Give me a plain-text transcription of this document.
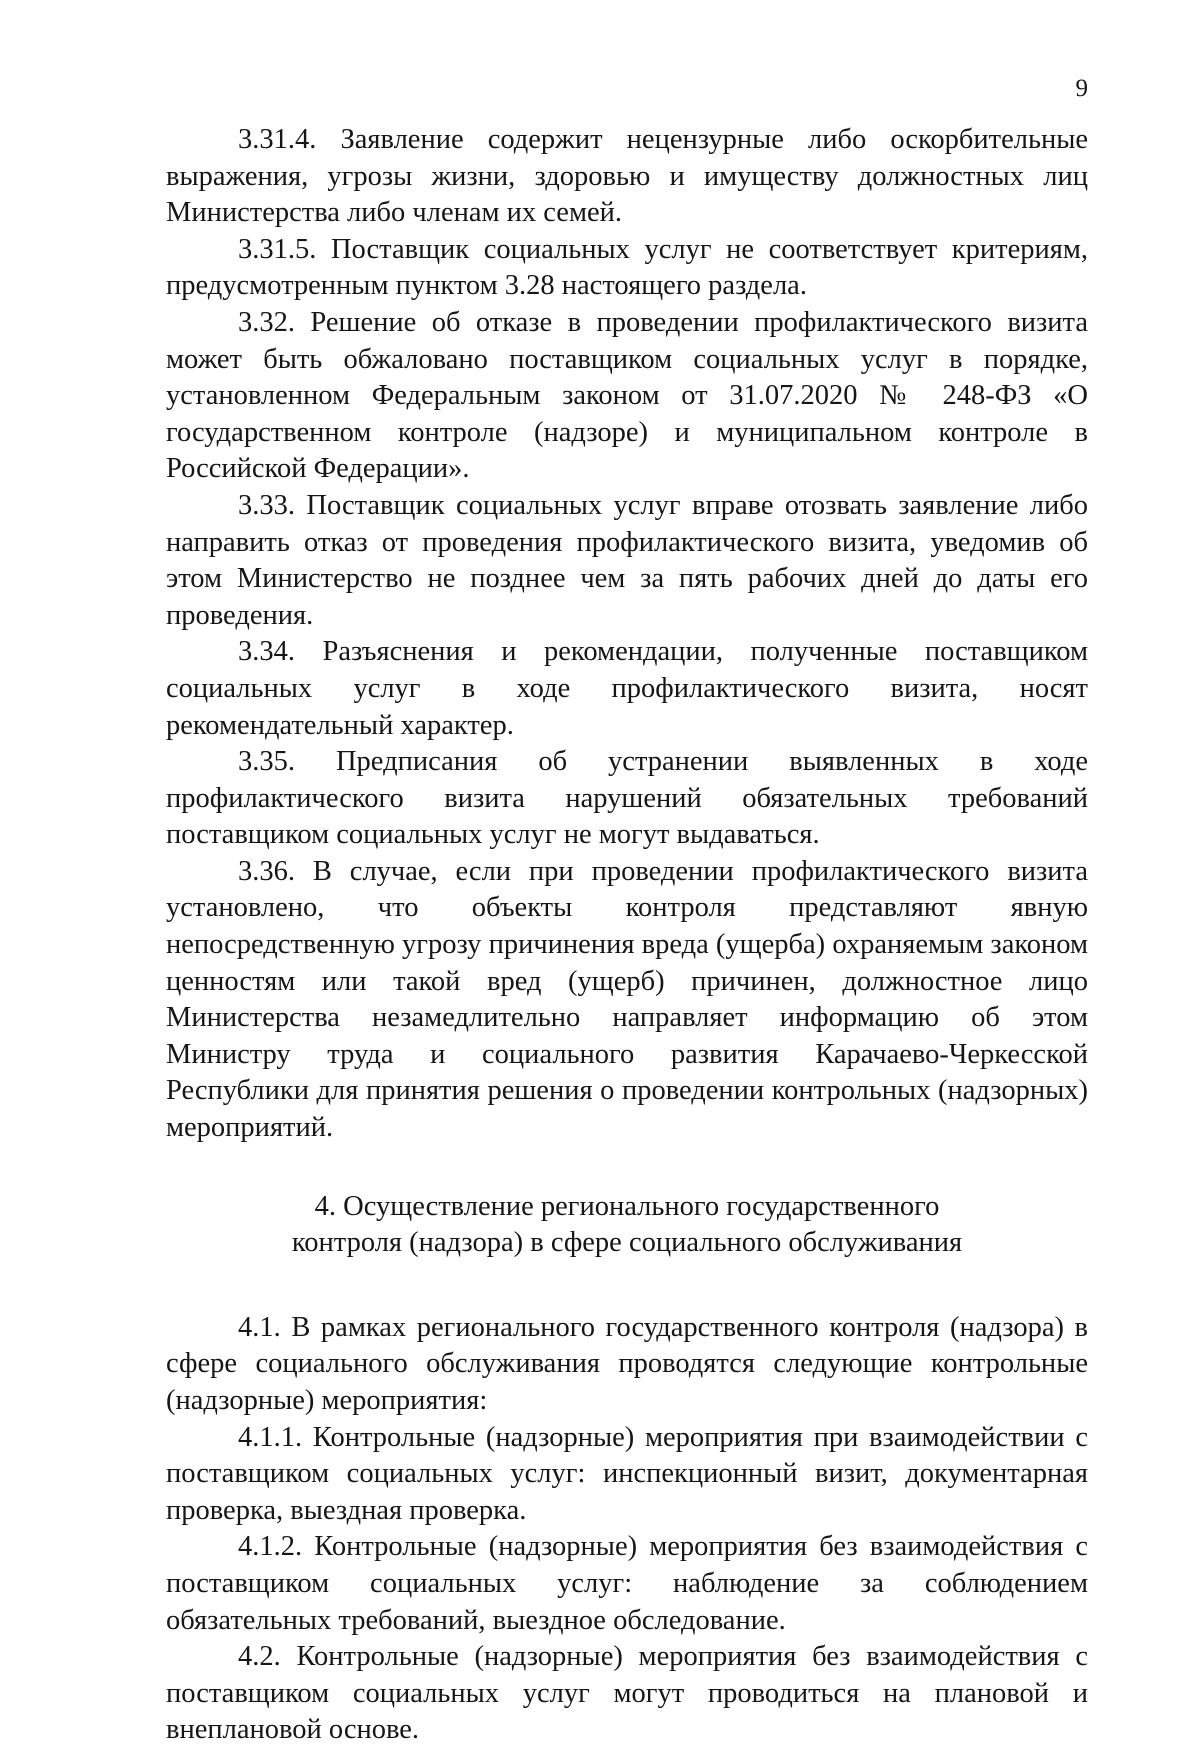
9

3.31.4. Заявление содержит нецензурные либо оскорбительные выражения, угрозы жизни, здоровью и имуществу должностных лиц Министерства либо членам их семей.

3.31.5. Поставщик социальных услуг не соответствует критериям, предусмотренным пунктом 3.28 настоящего раздела.

3.32. Решение об отказе в проведении профилактического визита может быть обжаловано поставщиком социальных услуг в порядке, установленном Федеральным законом от 31.07.2020 № 248-ФЗ «О государственном контроле (надзоре) и муниципальном контроле в Российской Федерации».

3.33. Поставщик социальных услуг вправе отозвать заявление либо направить отказ от проведения профилактического визита, уведомив об этом Министерство не позднее чем за пять рабочих дней до даты его проведения.

3.34. Разъяснения и рекомендации, полученные поставщиком социальных услуг в ходе профилактического визита, носят рекомендательный характер.

3.35. Предписания об устранении выявленных в ходе профилактического визита нарушений обязательных требований поставщиком социальных услуг не могут выдаваться.

3.36. В случае, если при проведении профилактического визита установлено, что объекты контроля представляют явную непосредственную угрозу причинения вреда (ущерба) охраняемым законом ценностям или такой вред (ущерб) причинен, должностное лицо Министерства незамедлительно направляет информацию об этом Министру труда и социального развития Карачаево-Черкесской Республики для принятия решения о проведении контрольных (надзорных) мероприятий.

4. Осуществление регионального государственного
контроля (надзора) в сфере социального обслуживания

4.1. В рамках регионального государственного контроля (надзора) в сфере социального обслуживания проводятся следующие контрольные (надзорные) мероприятия:

4.1.1. Контрольные (надзорные) мероприятия при взаимодействии с поставщиком социальных услуг: инспекционный визит, документарная проверка, выездная проверка.

4.1.2. Контрольные (надзорные) мероприятия без взаимодействия с поставщиком социальных услуг: наблюдение за соблюдением обязательных требований, выездное обследование.

4.2. Контрольные (надзорные) мероприятия без взаимодействия с поставщиком социальных услуг могут проводиться на плановой и внеплановой основе.
